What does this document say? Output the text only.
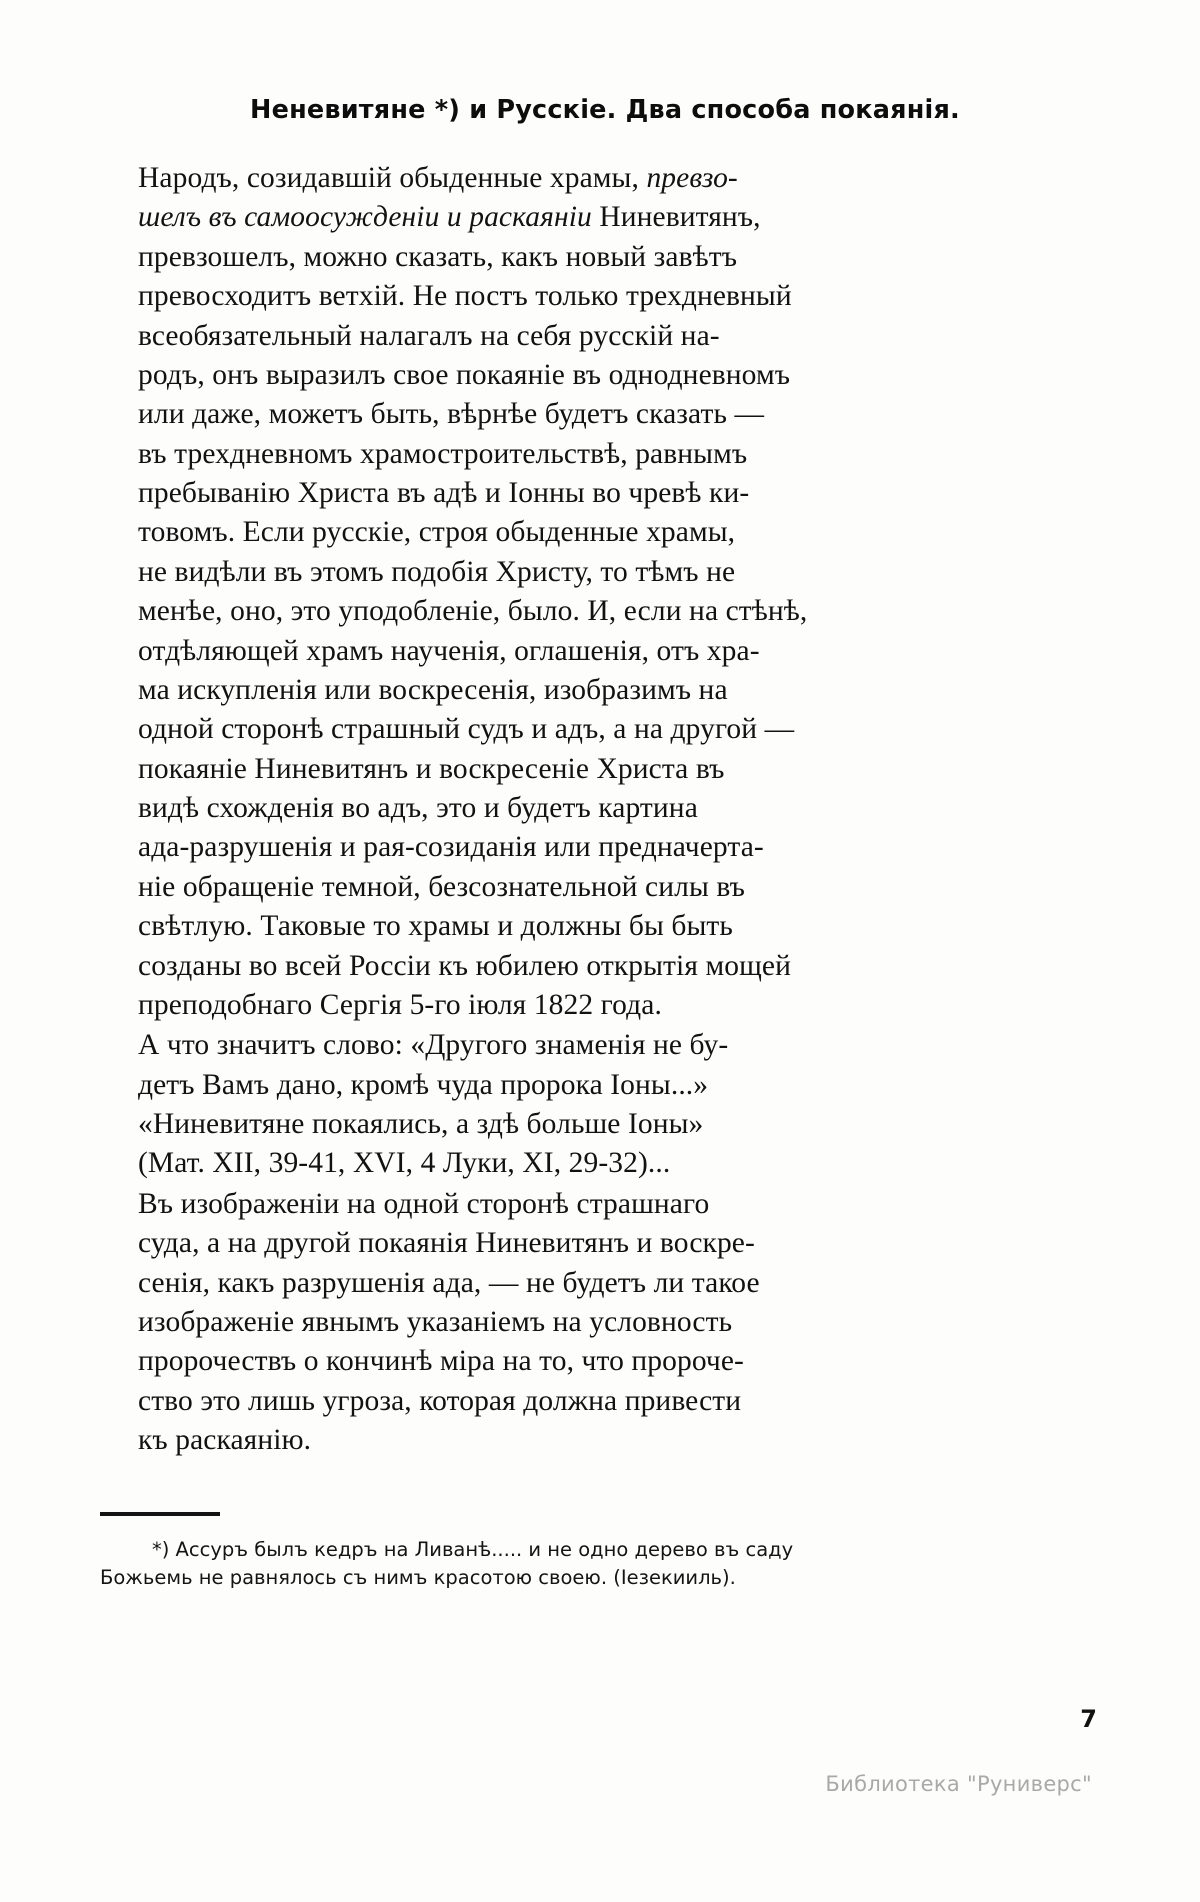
Неневитяне *) и Русскіе. Два способа покаянія.

Народъ, созидавшій обыденные храмы, превзо-
шелъ въ самоосужденіи и раскаяніи Ниневитянъ,
превзошелъ, можно сказать, какъ новый завѣтъ
превосходитъ ветхій. Не постъ только трехдневный
всеобязательный налагалъ на себя русскій на-
родъ, онъ выразилъ свое покаяніе въ однодневномъ
или даже, можетъ быть, вѣрнѣе будетъ сказать —
въ трехдневномъ храмостроительствѣ, равнымъ
пребыванію Христа въ адѣ и Іонны во чревѣ ки-
товомъ. Если русскіе, строя обыденные храмы,
не видѣли въ этомъ подобія Христу, то тѣмъ не
менѣе, оно, это уподобленіе, было. И, если на стѣнѣ,
отдѣляющей храмъ наученія, оглашенія, отъ хра-
ма искупленія или воскресенія, изобразимъ на
одной сторонѣ страшный судъ и адъ, а на другой —
покаяніе Ниневитянъ и воскресеніе Христа въ
видѣ схожденія во адъ, это и будетъ картина
ада-разрушенія и рая-созиданія или предначерта-
ніе обращеніе темной, безсознательной силы въ
свѣтлую. Таковые то храмы и должны бы быть
созданы во всей Россіи къ юбилею открытія мощей
преподобнаго Сергія 5-го іюля 1822 года.

А что значитъ слово: «Другого знаменія не бу-
детъ Вамъ дано, кромѣ чуда пророка Іоны...»
«Ниневитяне покаялись, а здѣ больше Іоны»
(Мат. XII, 39-41, XVI, 4 Луки, XI, 29-32)...

Въ изображеніи на одной сторонѣ страшнаго
суда, а на другой покаянія Ниневитянъ и воскре-
сенія, какъ разрушенія ада, — не будетъ ли такое
изображеніе явнымъ указаніемъ на условность
пророчествъ о кончинѣ міра на то, что пророче-
ство это лишь угроза, которая должна привести
къ раскаянію.

*) Ассуръ былъ кедръ на Ливанѣ..... и не одно дерево въ саду
Божьемь не равнялось съ нимъ красотою своею. (Іезекииль).
7
Библиотека "Руниверс"
